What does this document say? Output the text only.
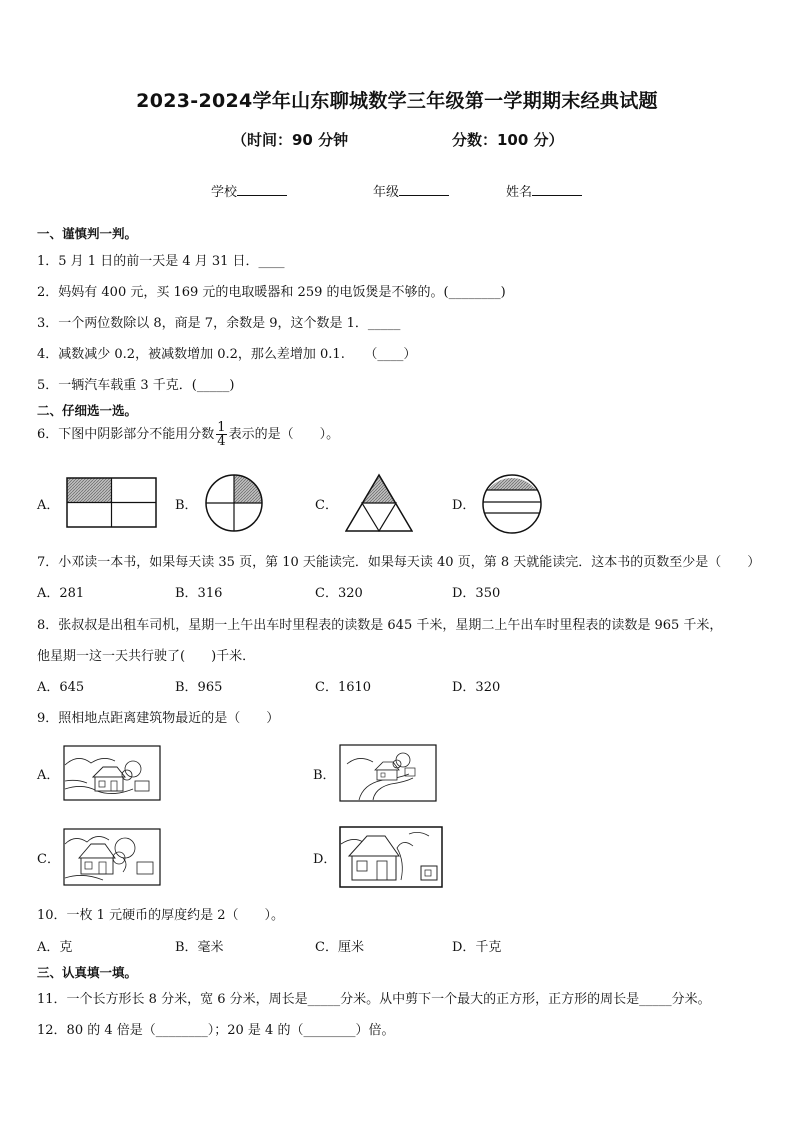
2023-2024学年山东聊城数学三年级第一学期期末经典试题
（时间：90 分钟	分数：100 分）
学校	年级	姓名
一、谨慎判一判。
1．5 月 1 日的前一天是 4 月 31 日．____
2．妈妈有 400 元，买 169 元的电取暖器和 259 的电饭煲是不够的。(________)
3．一个两位数除以 8，商是 7，余数是 9，这个数是 1．_____
4．减数减少 0.2，被减数增加 0.2，那么差增加 0.1.　　（____）
5．一辆汽车载重 3 千克．(_____)
二、仔细选一选。
6．下图中阴影部分不能用分数 $\frac{1}{4}$ 表示的是（　　）。
A．	B．	C．	D．
7．小邓读一本书，如果每天读 35 页，第 10 天能读完．如果每天读 40 页，第 8 天就能读完．这本书的页数至少是（　　）
A．281	B．316	C．320	D．350
8．张叔叔是出租车司机，星期一上午出车时里程表的读数是 645 千米，星期二上午出车时里程表的读数是 965 千米，
他星期一这一天共行驶了(　　)千米．
A．645	B．965	C．1610	D．320
9．照相地点距离建筑物最近的是（　　）
A．	B．
C．	D．
10．一枚 1 元硬币的厚度约是 2（　　）。
A．克	B．毫米	C．厘米	D．千克
三、认真填一填。
11．一个长方形长 8 分米，宽 6 分米，周长是_____分米。从中剪下一个最大的正方形，正方形的周长是_____分米。
12．80 的 4 倍是（________）；20 是 4 的（________）倍。
